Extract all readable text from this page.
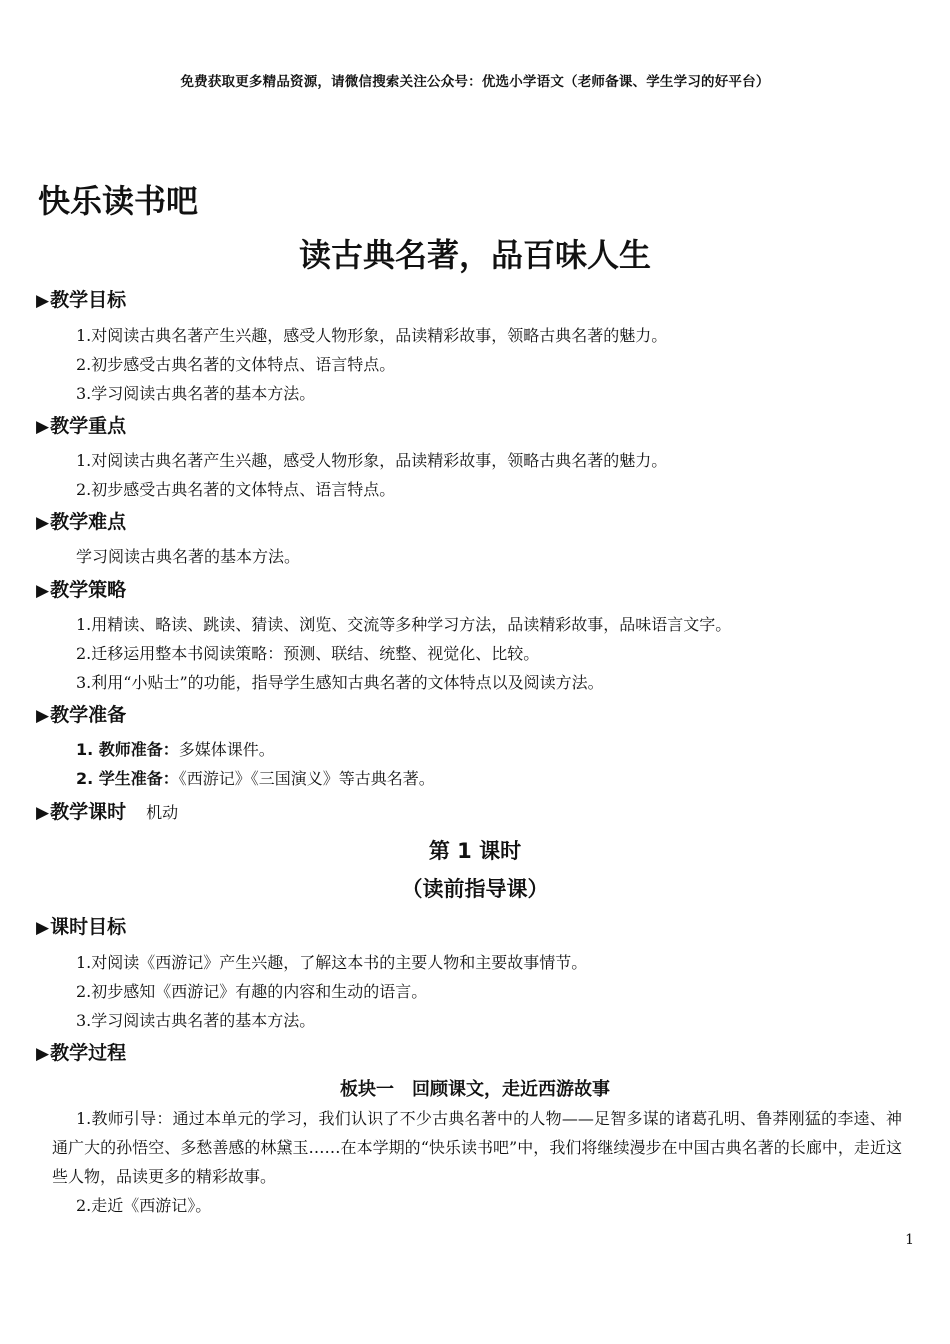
免费获取更多精品资源，请微信搜索关注公众号：优选小学语文（老师备课、学生学习的好平台）
快乐读书吧
读古典名著，品百味人生
▶教学目标
1.对阅读古典名著产生兴趣，感受人物形象，品读精彩故事，领略古典名著的魅力。
2.初步感受古典名著的文体特点、语言特点。
3.学习阅读古典名著的基本方法。
▶教学重点
1.对阅读古典名著产生兴趣，感受人物形象，品读精彩故事，领略古典名著的魅力。
2.初步感受古典名著的文体特点、语言特点。
▶教学难点
学习阅读古典名著的基本方法。
▶教学策略
1.用精读、略读、跳读、猜读、浏览、交流等多种学习方法，品读精彩故事，品味语言文字。
2.迁移运用整本书阅读策略：预测、联结、统整、视觉化、比较。
3.利用“小贴士”的功能，指导学生感知古典名著的文体特点以及阅读方法。
▶教学准备
1. 教师准备：多媒体课件。
2. 学生准备：《西游记》《三国演义》等古典名著。
▶教学课时 机动
第 1 课时
（读前指导课）
▶课时目标
1.对阅读《西游记》产生兴趣，了解这本书的主要人物和主要故事情节。
2.初步感知《西游记》有趣的内容和生动的语言。
3.学习阅读古典名著的基本方法。
▶教学过程
板块一　回顾课文，走近西游故事
1.教师引导：通过本单元的学习，我们认识了不少古典名著中的人物——足智多谋的诸葛孔明、鲁莽刚猛的李逵、神通广大的孙悟空、多愁善感的林黛玉……在本学期的“快乐读书吧”中，我们将继续漫步在中国古典名著的长廊中，走近这些人物，品读更多的精彩故事。
2.走近《西游记》。
1
